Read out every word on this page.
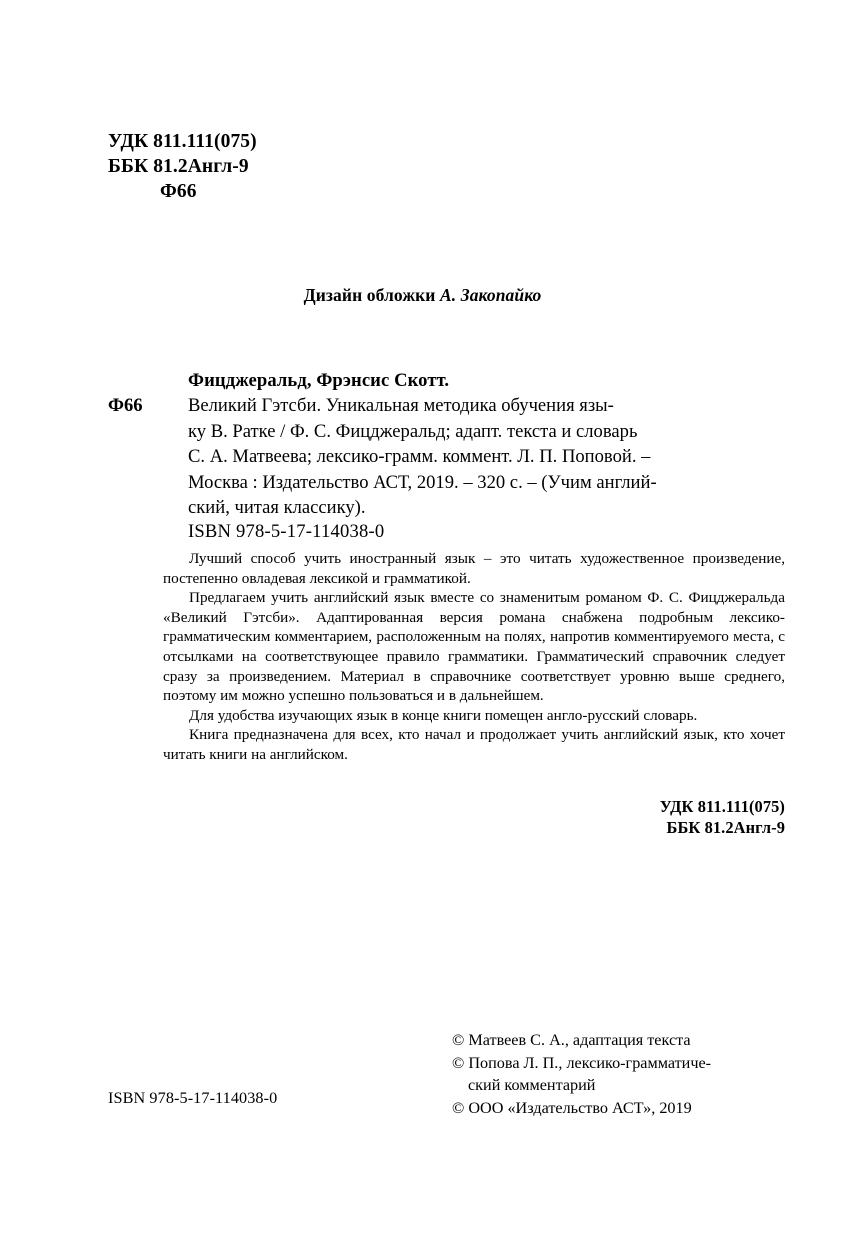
УДК 811.111(075)
ББК 81.2Англ-9
Ф66
Дизайн обложки А. Закопайко
Фицджеральд, Фрэнсис Скотт.
Ф66 Великий Гэтсби. Уникальная методика обучения язы-
ку В. Ратке / Ф. С. Фицджеральд; адапт. текста и словарь
С. А. Матвеева; лексико-грамм. коммент. Л. П. Поповой. –
Москва : Издательство АСТ, 2019. – 320 с. – (Учим англий-
ский, читая классику).
ISBN 978-5-17-114038-0

Лучший способ учить иностранный язык – это читать художественное произведение, постепенно овладевая лексикой и грамматикой.

Предлагаем учить английский язык вместе со знаменитым романом Ф. С. Фицджеральда «Великий Гэтсби». Адаптированная версия романа снабжена подробным лексико-грамматическим комментарием, расположенным на полях, напротив комментируемого места, с отсылками на соответствующее правило грамматики. Грамматический справочник следует сразу за произведением. Материал в справочнике соответствует уровню выше среднего, поэтому им можно успешно пользоваться и в дальнейшем.

Для удобства изучающих язык в конце книги помещен англо-русский словарь.

Книга предназначена для всех, кто начал и продолжает учить английский язык, кто хочет читать книги на английском.

УДК 811.111(075)
ББК 81.2Англ-9
© Матвеев С. А., адаптация текста
© Попова Л. П., лексико-грамматиче-
ский комментарий
© ООО «Издательство АСТ», 2019
ISBN 978-5-17-114038-0
